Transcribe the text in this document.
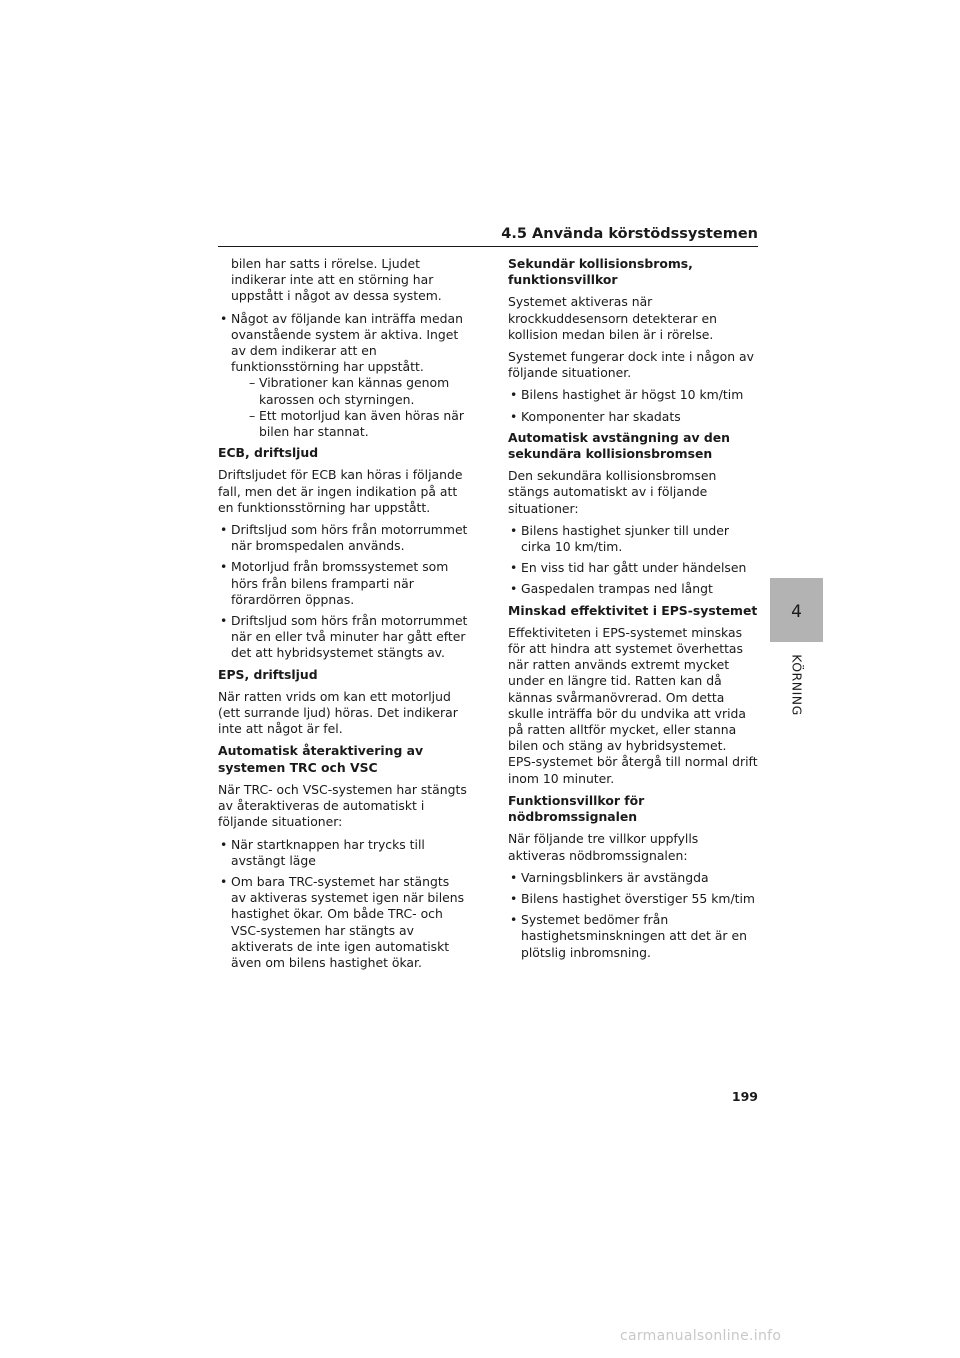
4.5 Använda körstödssystemen

bilen har satts i rörelse. Ljudet indikerar inte att en störning har uppstått i något av dessa system.

• Något av följande kan inträffa medan ovanstående system är aktiva. Inget av dem indikerar att en funktionsstörning har uppstått.
– Vibrationer kan kännas genom karossen och styrningen.
– Ett motorljud kan även höras när bilen har stannat.
ECB, driftsljud

Driftsljudet för ECB kan höras i följande fall, men det är ingen indikation på att en funktionsstörning har uppstått.

• Driftsljud som hörs från motorrummet när bromspedalen används.
• Motorljud från bromssystemet som hörs från bilens framparti när förardörren öppnas.
• Driftsljud som hörs från motorrummet när en eller två minuter har gått efter det att hybridsystemet stängts av.
EPS, driftsljud

När ratten vrids om kan ett motorljud (ett surrande ljud) höras. Det indikerar inte att något är fel.

Automatisk återaktivering av systemen TRC och VSC

När TRC- och VSC-systemen har stängts av återaktiveras de automatiskt i följande situationer:

• När startknappen har trycks till avstängt läge
• Om bara TRC-systemet har stängts av aktiveras systemet igen när bilens hastighet ökar. Om både TRC- och VSC-systemen har stängts av aktiverats de inte igen automatiskt även om bilens hastighet ökar.
Sekundär kollisionsbroms, funktionsvillkor

Systemet aktiveras när krockkuddesensorn detekterar en kollision medan bilen är i rörelse.

Systemet fungerar dock inte i någon av följande situationer.

• Bilens hastighet är högst 10 km/tim
• Komponenter har skadats
Automatisk avstängning av den sekundära kollisionsbromsen

Den sekundära kollisionsbromsen stängs automatiskt av i följande situationer:

• Bilens hastighet sjunker till under cirka 10 km/tim.
• En viss tid har gått under händelsen
• Gaspedalen trampas ned långt
Minskad effektivitet i EPS-systemet

Effektiviteten i EPS-systemet minskas för att hindra att systemet överhettas när ratten används extremt mycket under en längre tid. Ratten kan då kännas svårmanövrerad. Om detta skulle inträffa bör du undvika att vrida på ratten alltför mycket, eller stanna bilen och stäng av hybridsystemet. EPS-systemet bör återgå till normal drift inom 10 minuter.

Funktionsvillkor för nödbromssignalen

När följande tre villkor uppfylls aktiveras nödbromssignalen:

• Varningsblinkers är avstängda
• Bilens hastighet överstiger 55 km/tim
• Systemet bedömer från hastighetsminskningen att det är en plötslig inbromsning.
4
KÖRNING
199
carmanualsonline.info
